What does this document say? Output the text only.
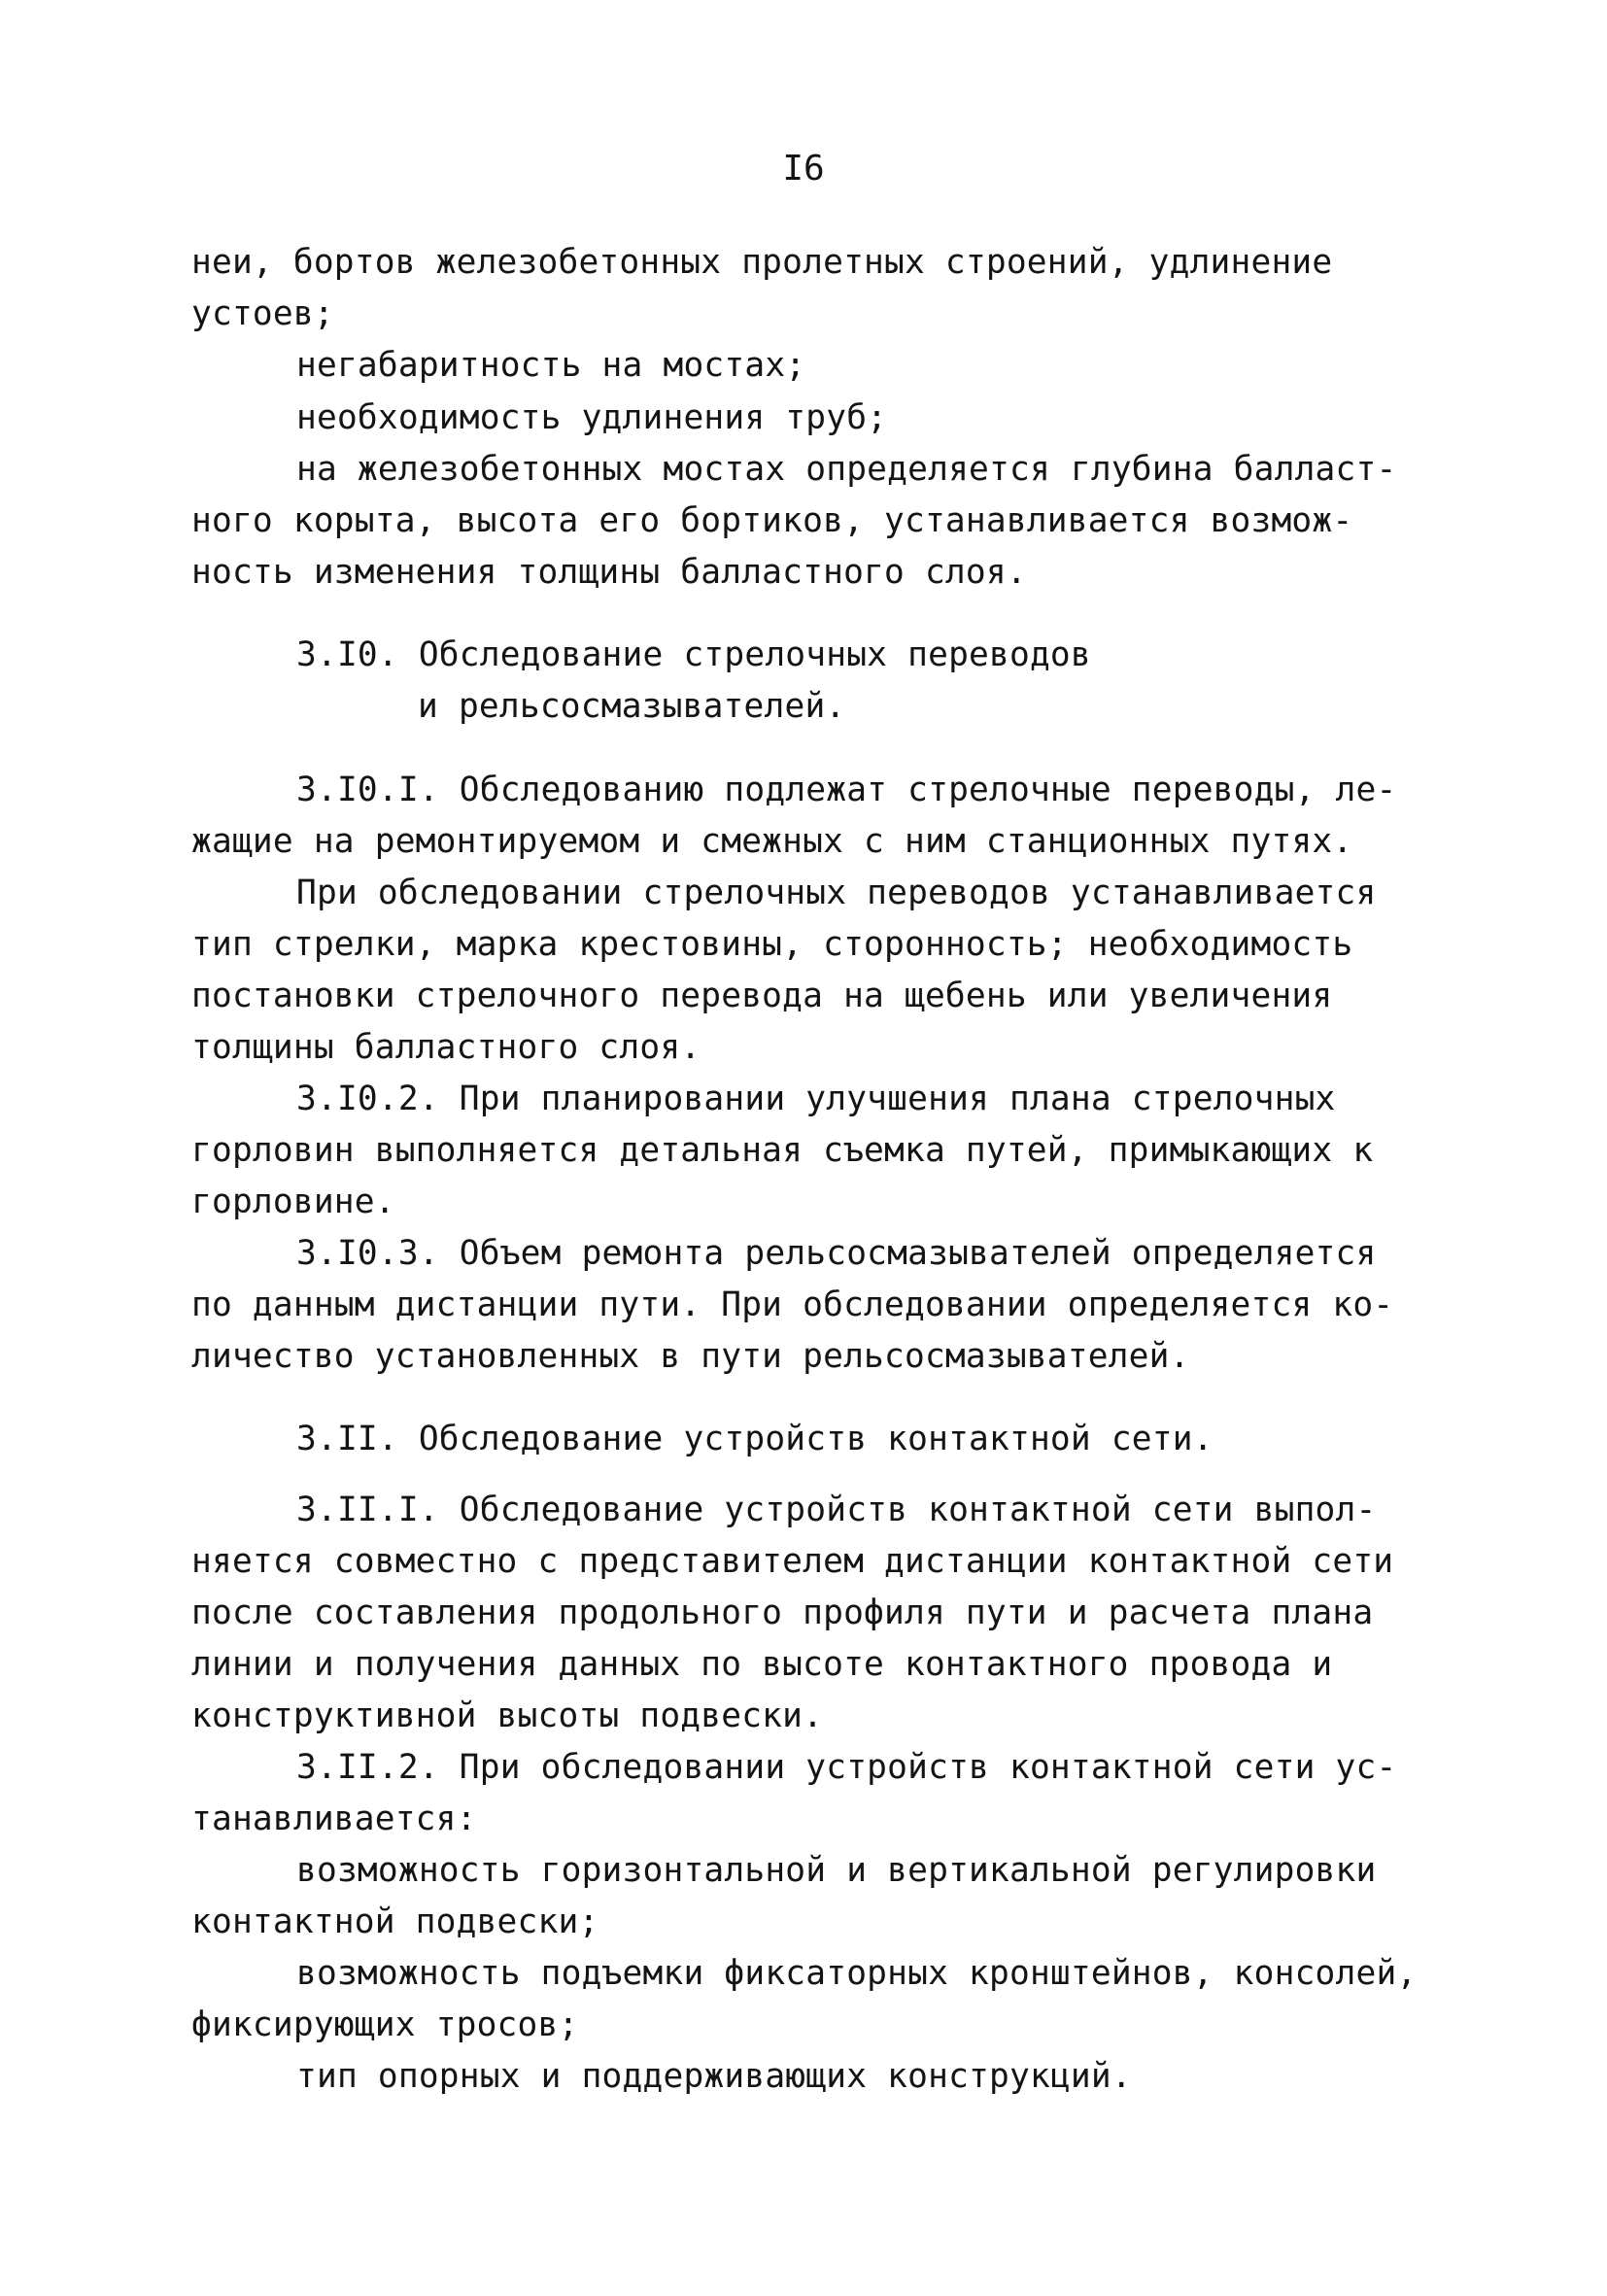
I6
неи, бортов железобетонных пролетных строений, удлинение
устоев;
негабаритность на мостах;
необходимость удлинения труб;
на железобетонных мостах определяется глубина балласт-
ного корыта, высота его бортиков, устанавливается возмож-
ность изменения толщины балластного слоя.
3.I0. Обследование стрелочных переводов
и рельсосмазывателей.
3.I0.I. Обследованию подлежат стрелочные переводы, ле-
жащие на ремонтируемом и смежных с ним станционных путях.
При обследовании стрелочных переводов устанавливается
тип стрелки, марка крестовины, сторонность; необходимость
постановки стрелочного перевода на щебень или увеличения
толщины балластного слоя.
3.I0.2. При планировании улучшения плана стрелочных
горловин выполняется детальная съемка путей, примыкающих к
горловине.
3.I0.3. Объем ремонта рельсосмазывателей определяется
по данным дистанции пути. При обследовании определяется ко-
личество установленных в пути рельсосмазывателей.
3.II. Обследование устройств контактной сети.
3.II.I. Обследование устройств контактной сети выпол-
няется совместно с представителем дистанции контактной сети
после составления продольного профиля пути и расчета плана
линии и получения данных по высоте контактного провода и
конструктивной высоты подвески.
3.II.2. При обследовании устройств контактной сети ус-
танавливается:
возможность горизонтальной и вертикальной регулировки
контактной подвески;
возможность подъемки фиксаторных кронштейнов, консолей,
фиксирующих тросов;
тип опорных и поддерживающих конструкций.
